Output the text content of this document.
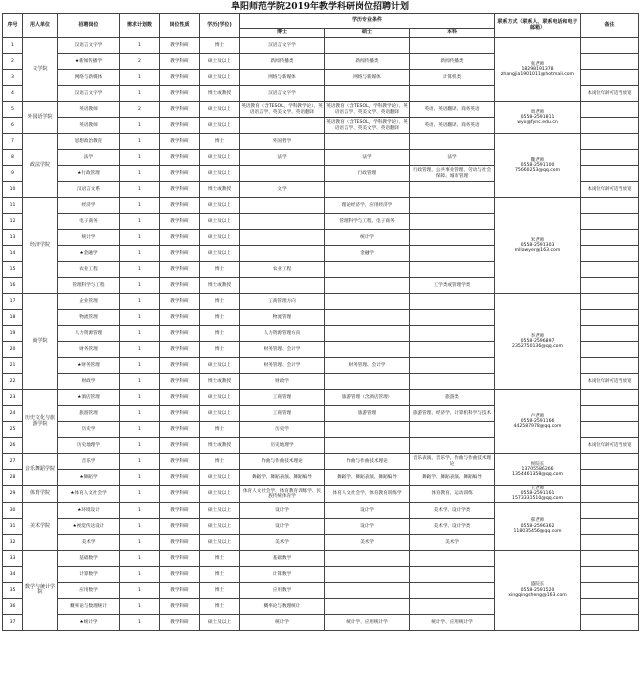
阜阳师范学院2019年教学科研岗位招聘计划
序号	用人单位	招聘岗位	需求计划数	岗位性质	学历(学位)	学历专业条件			联系方式（联系人、联系电话和电子邮箱）	备注
						博士	硕士	本科		
1	文学院	汉语言文字学	1	教学科研	博士	汉语言文字学			张老师
18298191378
zhangjia1901011@hotmail.com	

2		★新闻传播学	2	教学科研	硕士及以上	新闻传播类	新闻传播类	新闻传播类		
3		网络与新媒体	1	教学科研	硕士及以上	网络与新媒体	网络与新媒体	计算机类		
4		汉语言文字学	1	教学科研	博士或教授	汉语言文字学				本岗位年龄可适当放宽
5	外国语学院	英语教师	2	教学科研	硕士及以上	英语教育（含TESOL，学科教学论）、英语语言学、英美文学、英语翻译	英语教育（含TESOL，学科教学论）、英语语言学、英美文学、英语翻译	英语、英语翻译、商务英语	周老师
0558-2591811
wyx@fync.edu.cn	

6		英语教师	1	教学科研	硕士及以上		英语教育（含TESOL，学科教学论）、英语语言学、英美文学、英语翻译	英语、英语翻译、商务英语		
7	政法学院	思想政治教育	1	教学科研	博士	外国哲学			魏老师
0558-2591100
75660253@qq.com	

8		法学	1	教学科研	硕士及以上	法学	法学	法学		
9		★行政管理	1	教学科研	硕士及以上		行政管理	行政管理、公共事业管理、劳动与社会保障、城市管理		
10		汉语言文系	1	教学科研	博士或教授	文学				本岗位年龄可适当放宽
11	经济学院	经济学	1	教学科研	硕士及以上		理论经济学、应用经济学		米老师
0558-2591303
mllawyer@163.com	

12		电子商务	1	教学科研	硕士及以上		管理科学与工程、电子商务			
13		统计学	1	教学科研	硕士及以上		统计学			
14		★金融学	1	教学科研	硕士及以上		金融学			
15		农业工程	1	教学科研	博士	农业工程				
16		管理科学与工程	1	教学科研	博士或教授			工学类或管理学类		
17	商学院	企业管理	1	教学科研	博士	工商管理方向			李老师
0558-2596897
2352750136@qq.com	

18		物流管理	1	教学科研	博士	物流管理				
19		人力资源管理	1	教学科研	博士	人力资源管理方向				
20		财务管理	1	教学科研	博士	财务管理、会计学				
21		★财务管理	1	教学科研	硕士及以上	财务管理、会计学	财务管理、会计学			
22		财政学	1	教学科研	博士或教授	财政学				本岗位年龄可适当放宽
23	历史文化与旅游学院	★酒店管理	1	教学科研	硕士及以上	工商管理	旅游管理（含酒店管理）	旅游类	卢老师
0558-2591166
442587978@qq.com	

24		旅游管理	1	教学科研	硕士及以上	工商管理	旅游管理	旅游管理、经济学、计算机科学与技术		
25		历史学	1	教学科研	博士	历史学				
26		历史地理学	1	教学科研	博士或教授	历史地理学				本岗位年龄可适当放宽
27	音乐舞蹈学院	音乐学	1	教学科研	博士	作曲与作曲技术理论	作曲与作曲技术理论	音乐表演、音乐学、作曲与作曲技术理论	侯院长
13705586266
1354461358@qq.com	

28		★舞蹈学	1	教学科研	硕士及以上	舞蹈学、舞蹈表演、舞蹈编导	舞蹈学、舞蹈表演、舞蹈编导	舞蹈学、舞蹈表演、舞蹈编导		
29	体育学院	★体育人文社会学	1	教学科研	硕士及以上	体育人文社会学、体育教育训练学、民族传统体育学	体育人文社会学、体育教育训练学	体育教育、运动训练	王老师
0558-2591161
1573331510@qq.com	

30	美术学院	★环境设计	1	教学科研	硕士及以上	设计学	设计学	美术学、设计学类	郝老师
0558-2596362
118035456@qq.com	

31		★视觉传达设计	1	教学科研	硕士及以上	设计学	设计学	美术学、设计学类		
32		美术学	1	教学科研	硕士及以上	美术学	美术学	美术学		
33	数学与统计学院	基础数学	1	教学科研	博士	基础数学			盛院长
0558-2591520
xingqingsheng@163.com	

34		计算数学	1	教学科研	博士	计算数学				
35		应用数学	1	教学科研	博士	应用数学				
36		概率论与数理统计	1	教学科研	博士	概率论与数理统计				
37		★统计学	1	教学科研	硕士及以上	统计学	统计学、应用统计学	统计学、应用统计学		
